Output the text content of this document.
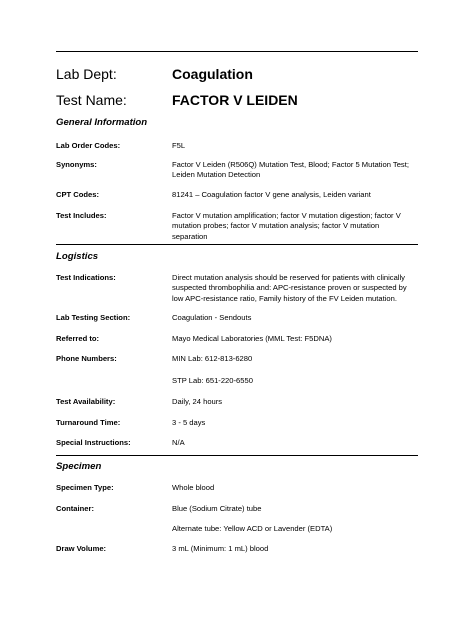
Lab Dept:	Coagulation
Test Name:	FACTOR V LEIDEN
General Information
Lab Order Codes:	F5L
Synonyms:	Factor V Leiden (R506Q) Mutation Test, Blood; Factor 5 Mutation Test;
Leiden Mutation Detection
CPT Codes:	81241 – Coagulation factor V gene analysis, Leiden variant
Test Includes:	Factor V mutation amplification; factor V mutation digestion; factor V
mutation probes; factor V mutation analysis; factor V mutation
separation
Logistics
Test Indications:	Direct mutation analysis should be reserved for patients with clinically
suspected thrombophilia and: APC-resistance proven or suspected by
low APC-resistance ratio, Family history of the FV Leiden mutation.
Lab Testing Section:	Coagulation - Sendouts
Referred to:	Mayo Medical Laboratories (MML Test: F5DNA)
Phone Numbers:	MIN Lab: 612-813-6280
STP Lab: 651-220-6550
Test Availability:	Daily, 24 hours
Turnaround Time:	3 - 5 days
Special Instructions:	N/A
Specimen
Specimen Type:	Whole blood
Container:	Blue (Sodium Citrate) tube
Alternate tube: Yellow ACD or Lavender (EDTA)
Draw Volume:	3 mL (Minimum: 1 mL) blood
